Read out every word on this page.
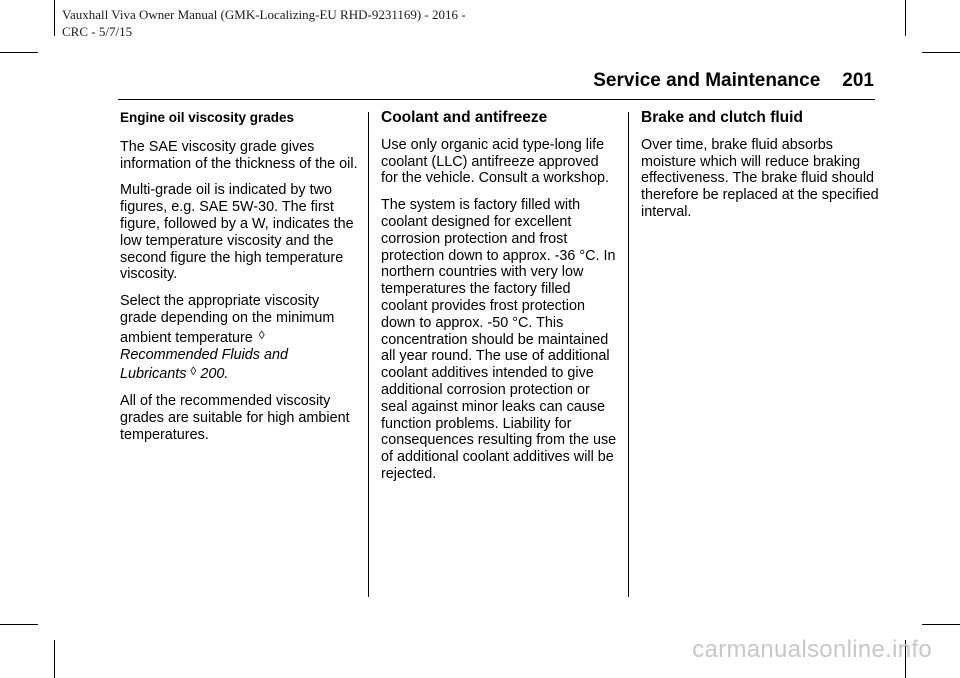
Vauxhall Viva Owner Manual (GMK-Localizing-EU RHD-9231169) - 2016 -
CRC - 5/7/15
Service and Maintenance 201
Engine oil viscosity grades

The SAE viscosity grade gives information of the thickness of the oil.

Multi-grade oil is indicated by two figures, e.g. SAE 5W-30. The first figure, followed by a W, indicates the low temperature viscosity and the second figure the high temperature viscosity.

Select the appropriate viscosity grade depending on the minimum ambient temperature ◊
Recommended Fluids and Lubricants ◊ 200.

All of the recommended viscosity grades are suitable for high ambient temperatures.

Coolant and antifreeze

Use only organic acid type-long life coolant (LLC) antifreeze approved for the vehicle. Consult a workshop.

The system is factory filled with coolant designed for excellent corrosion protection and frost protection down to approx. -36 °C. In northern countries with very low temperatures the factory filled coolant provides frost protection down to approx. -50 °C. This concentration should be maintained all year round. The use of additional coolant additives intended to give additional corrosion protection or seal against minor leaks can cause function problems. Liability for consequences resulting from the use of additional coolant additives will be rejected.

Brake and clutch fluid

Over time, brake fluid absorbs moisture which will reduce braking effectiveness. The brake fluid should therefore be replaced at the specified interval.

carmanualsonline.info
